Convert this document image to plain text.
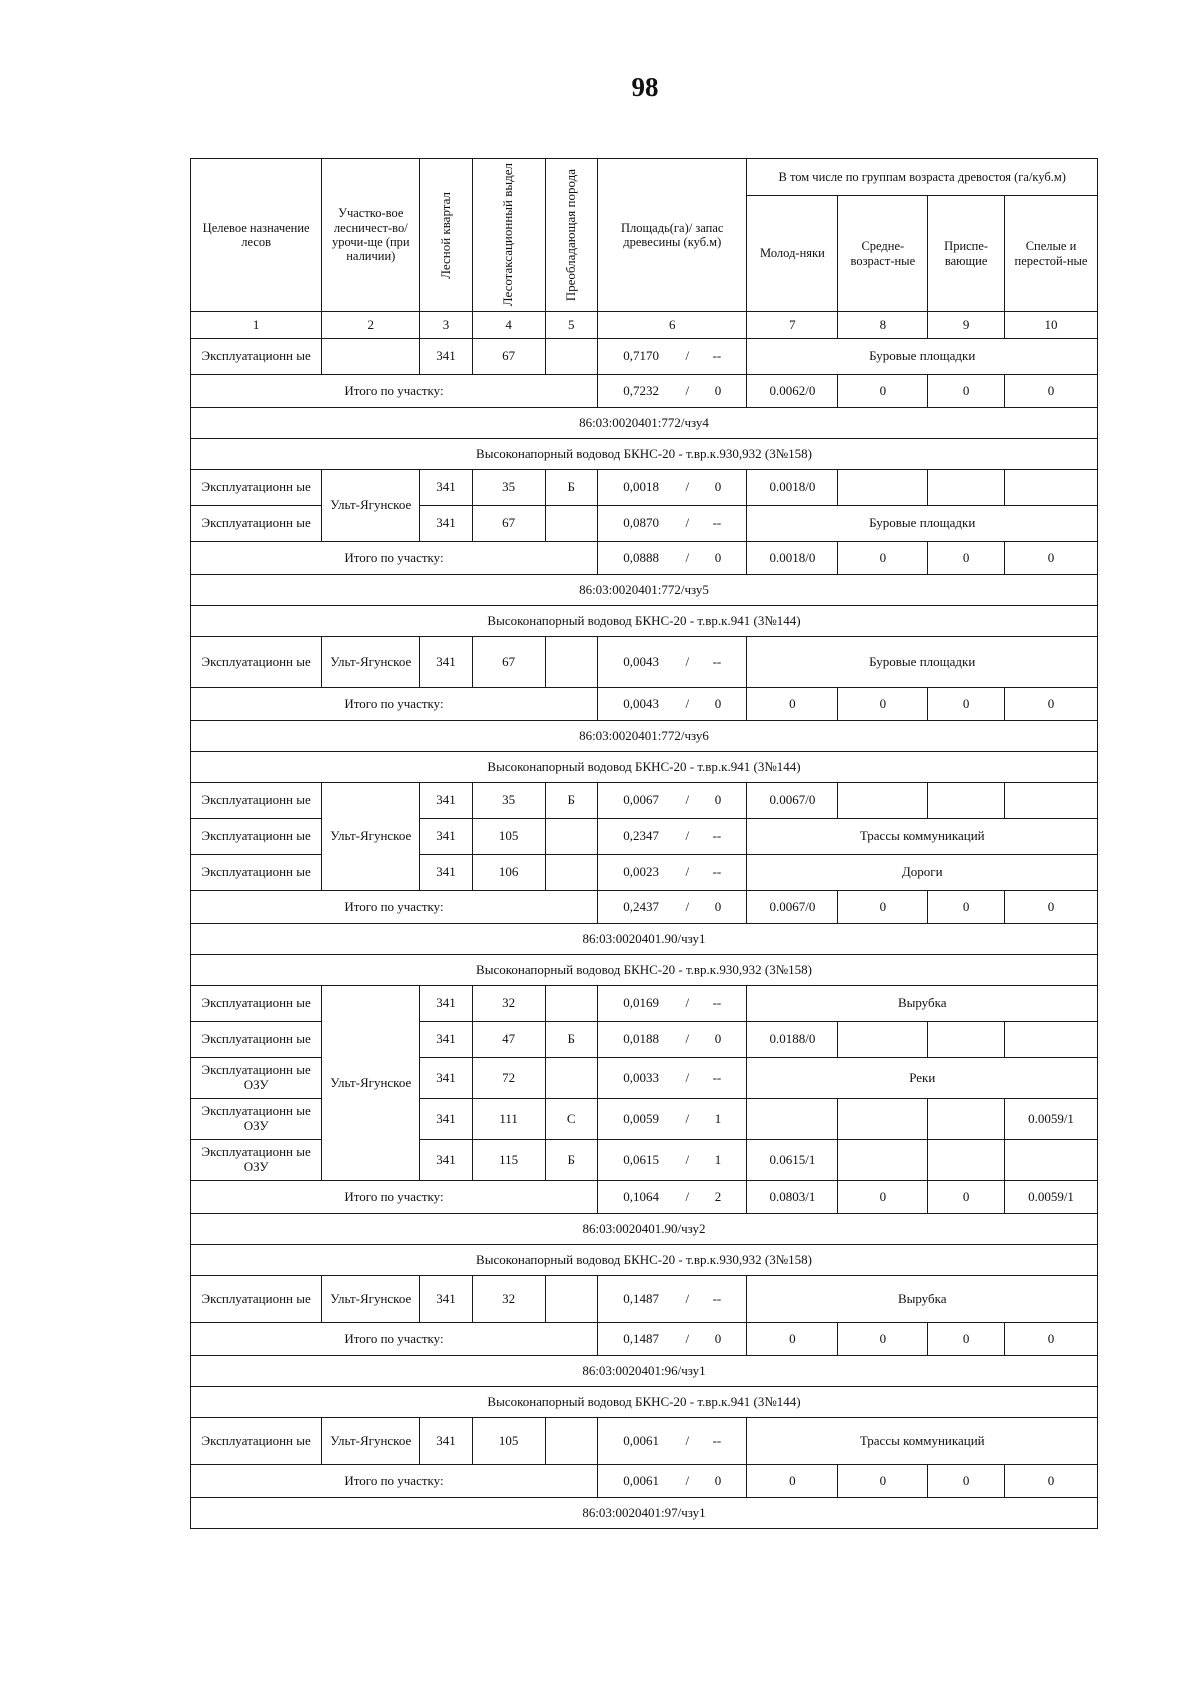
98
Целевое назначение лесов	Участко-вое лесничест-во/урочи-ще (при наличии)	Лесной квартал	Лесотаксационный выдел	Преобладающая порода	Площадь(га)/ запас древесины (куб.м)	В том числе по группам возраста древостоя (га/куб.м)			
						Молод-няки	Средне-возраст-ные	Приспе-вающие	Спелые и перестой-ные
1	2	3	4	5	6	7	8	9	10
Эксплуатационн ые		341	67		0,7170 / --	Буровые площадки			
Итого по участку:					0,7232 / 0	0.0062/0	0	0	0
86:03:0020401:772/чзу4									
Высоконапорный водовод БКНС-20 - т.вр.к.930,932 (3№158)									
Эксплуатационн ые	Ульт-Ягунское	341	35	Б	0,0018 / 0	0.0018/0			
Эксплуатационн ые		341	67		0,0870 / --	Буровые площадки			
Итого по участку:					0,0888 / 0	0.0018/0	0	0	0
86:03:0020401:772/чзу5									
Высоконапорный водовод БКНС-20 - т.вр.к.941 (3№144)									
Эксплуатационн ые	Ульт-Ягунское	341	67		0,0043 / --	Буровые площадки			
Итого по участку:					0,0043 / 0	0	0	0	0
86:03:0020401:772/чзу6									
Высоконапорный водовод БКНС-20 - т.вр.к.941 (3№144)									
Эксплуатационн ые	Ульт-Ягунское	341	35	Б	0,0067 / 0	0.0067/0			
Эксплуатационн ые		341	105		0,2347 / --	Трассы коммуникаций			
Эксплуатационн ые		341	106		0,0023 / --	Дороги			
Итого по участку:					0,2437 / 0	0.0067/0	0	0	0
86:03:0020401.90/чзу1									
Высоконапорный водовод БКНС-20 - т.вр.к.930,932 (3№158)									
Эксплуатационн ые	Ульт-Ягунское	341	32		0,0169 / --	Вырубка			
Эксплуатационн ые		341	47	Б	0,0188 / 0	0.0188/0			
Эксплуатационн ые ОЗУ		341	72		0,0033 / --	Реки			
Эксплуатационн ые ОЗУ		341	111	С	0,0059 / 1				0.0059/1
Эксплуатационн ые ОЗУ		341	115	Б	0,0615 / 1	0.0615/1			
Итого по участку:					0,1064 / 2	0.0803/1	0	0	0.0059/1
86:03:0020401.90/чзу2									
Высоконапорный водовод БКНС-20 - т.вр.к.930,932 (3№158)									
Эксплуатационн ые	Ульт-Ягунское	341	32		0,1487 / --	Вырубка			
Итого по участку:					0,1487 / 0	0	0	0	0
86:03:0020401:96/чзу1									
Высоконапорный водовод БКНС-20 - т.вр.к.941 (3№144)									
Эксплуатационн ые	Ульт-Ягунское	341	105		0,0061 / --	Трассы коммуникаций			
Итого по участку:					0,0061 / 0	0	0	0	0
86:03:0020401:97/чзу1									
